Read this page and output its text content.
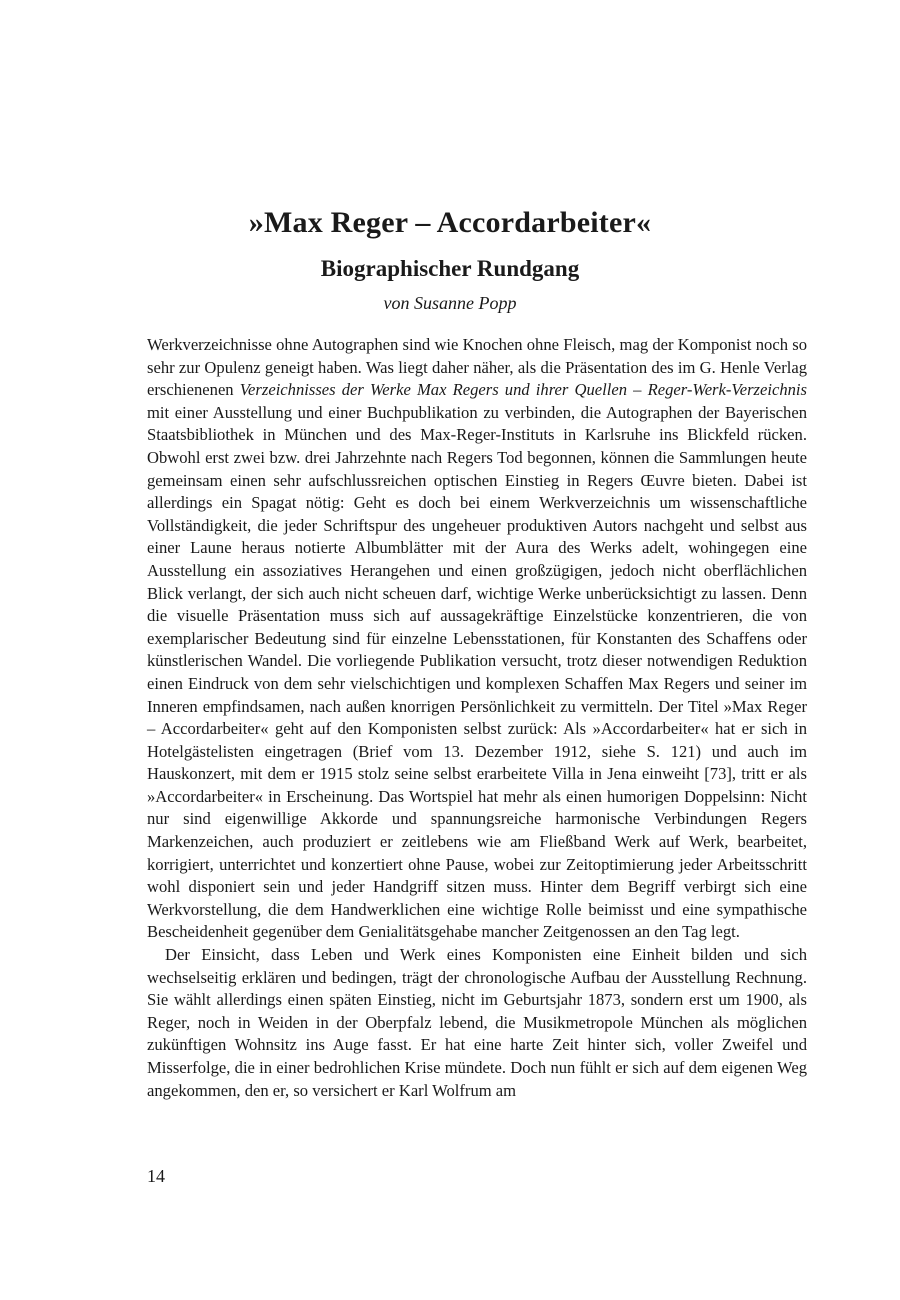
»Max Reger – Accordarbeiter«
Biographischer Rundgang
von Susanne Popp

Werkverzeichnisse ohne Autographen sind wie Knochen ohne Fleisch, mag der Komponist noch so sehr zur Opulenz geneigt haben. Was liegt daher näher, als die Präsentation des im G. Henle Verlag erschienenen Verzeichnisses der Werke Max Regers und ihrer Quellen – Reger-Werk-Verzeichnis mit einer Ausstellung und einer Buchpublikation zu verbinden, die Autographen der Bayerischen Staatsbibliothek in München und des Max-Reger-Instituts in Karlsruhe ins Blickfeld rücken. Obwohl erst zwei bzw. drei Jahrzehnte nach Regers Tod begonnen, können die Sammlungen heute gemeinsam einen sehr aufschlussreichen optischen Einstieg in Regers Œuvre bieten. Dabei ist allerdings ein Spagat nötig: Geht es doch bei einem Werkverzeichnis um wissenschaftliche Vollständigkeit, die jeder Schriftspur des ungeheuer produktiven Autors nachgeht und selbst aus einer Laune heraus notierte Albumblätter mit der Aura des Werks adelt, wohingegen eine Ausstellung ein assoziatives Herangehen und einen großzügigen, jedoch nicht oberflächlichen Blick verlangt, der sich auch nicht scheuen darf, wichtige Werke unberücksichtigt zu lassen. Denn die visuelle Präsentation muss sich auf aussagekräftige Einzelstücke konzentrieren, die von exemplarischer Bedeutung sind für einzelne Lebensstationen, für Konstanten des Schaffens oder künstlerischen Wandel. Die vorliegende Publikation versucht, trotz dieser notwendigen Reduktion einen Eindruck von dem sehr vielschichtigen und komplexen Schaffen Max Regers und seiner im Inneren empfindsamen, nach außen knorrigen Persönlichkeit zu vermitteln. Der Titel »Max Reger – Accordarbeiter« geht auf den Komponisten selbst zurück: Als »Accordarbeiter« hat er sich in Hotelgästelisten eingetragen (Brief vom 13. Dezember 1912, siehe S. 121) und auch im Hauskonzert, mit dem er 1915 stolz seine selbst erarbeitete Villa in Jena einweiht [73], tritt er als »Accordarbeiter« in Erscheinung. Das Wortspiel hat mehr als einen humorigen Doppelsinn: Nicht nur sind eigenwillige Akkorde und spannungsreiche harmonische Verbindungen Regers Markenzeichen, auch produziert er zeitlebens wie am Fließband Werk auf Werk, bearbeitet, korrigiert, unterrichtet und konzertiert ohne Pause, wobei zur Zeitoptimierung jeder Arbeitsschritt wohl disponiert sein und jeder Handgriff sitzen muss. Hinter dem Begriff verbirgt sich eine Werkvorstellung, die dem Handwerklichen eine wichtige Rolle beimisst und eine sympathische Bescheidenheit gegenüber dem Genialitätsgehabe mancher Zeitgenossen an den Tag legt.

Der Einsicht, dass Leben und Werk eines Komponisten eine Einheit bilden und sich wechselseitig erklären und bedingen, trägt der chronologische Aufbau der Ausstellung Rechnung. Sie wählt allerdings einen späten Einstieg, nicht im Geburtsjahr 1873, sondern erst um 1900, als Reger, noch in Weiden in der Oberpfalz lebend, die Musikmetropole München als möglichen zukünftigen Wohnsitz ins Auge fasst. Er hat eine harte Zeit hinter sich, voller Zweifel und Misserfolge, die in einer bedrohlichen Krise mündete. Doch nun fühlt er sich auf dem eigenen Weg angekommen, den er, so versichert er Karl Wolfrum am

14
